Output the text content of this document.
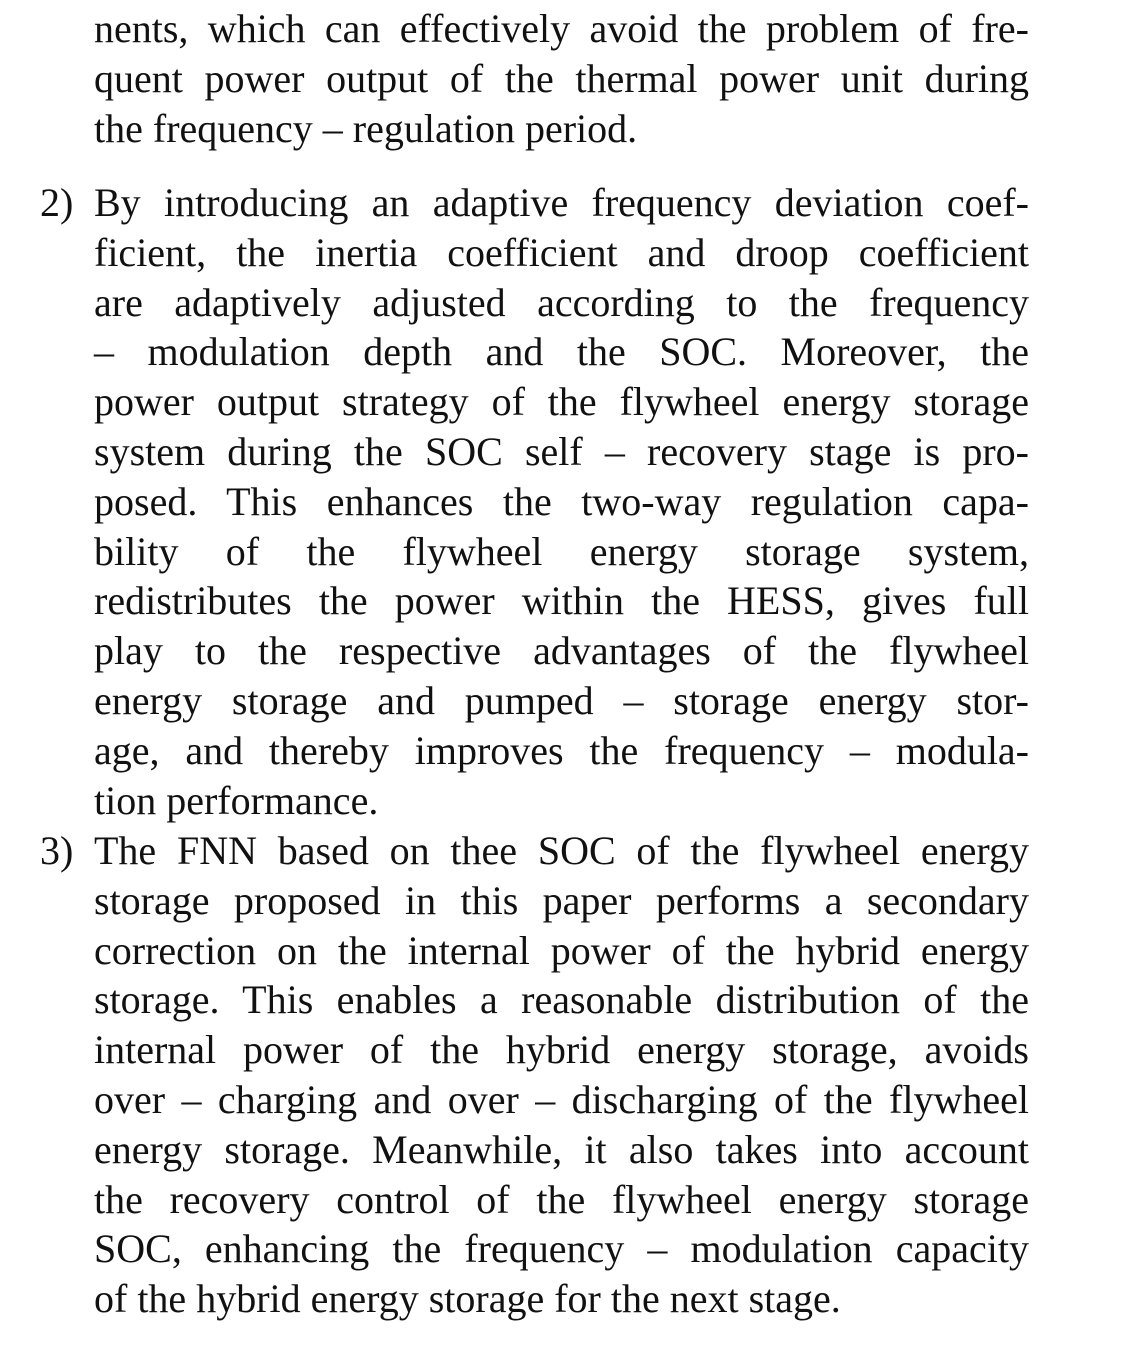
nents, which can effectively avoid the problem of fre-
quent power output of the thermal power unit during
the frequency – regulation period.
2) By introducing an adaptive frequency deviation coef-
ficient, the inertia coefficient and droop coefficient
are adaptively adjusted according to the frequency
– modulation depth and the SOC. Moreover, the
power output strategy of the flywheel energy storage
system during the SOC self – recovery stage is pro-
posed. This enhances the two-way regulation capa-
bility of the flywheel energy storage system,
redistributes the power within the HESS, gives full
play to the respective advantages of the flywheel
energy storage and pumped – storage energy stor-
age, and thereby improves the frequency – modula-
tion performance.
3) The FNN based on thee SOC of the flywheel energy
storage proposed in this paper performs a secondary
correction on the internal power of the hybrid energy
storage. This enables a reasonable distribution of the
internal power of the hybrid energy storage, avoids
over – charging and over – discharging of the flywheel
energy storage. Meanwhile, it also takes into account
the recovery control of the flywheel energy storage
SOC, enhancing the frequency – modulation capacity
of the hybrid energy storage for the next stage.
